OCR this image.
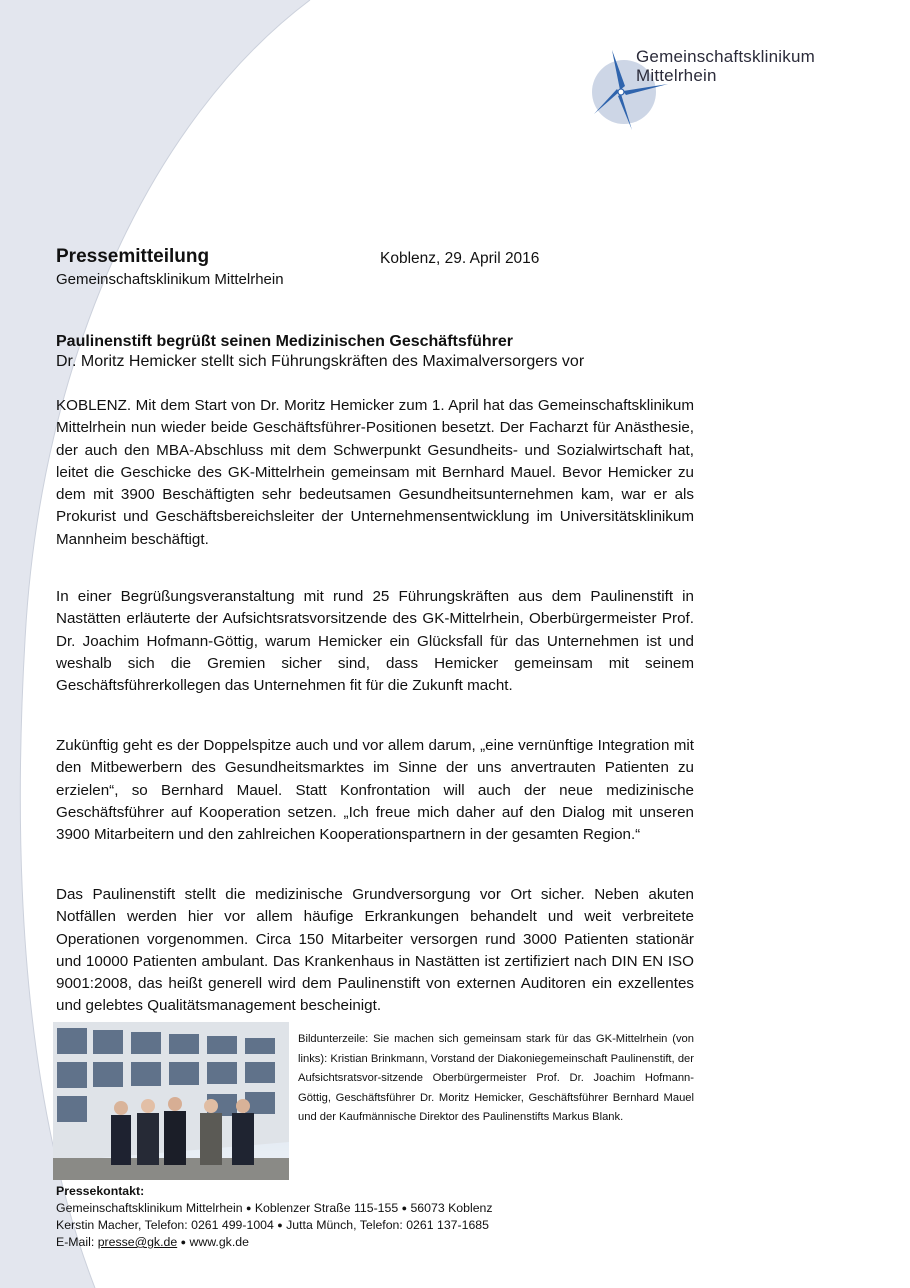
Gemeinschaftsklinikum
Mittelrhein
Pressemitteilung
Gemeinschaftsklinikum Mittelrhein
Koblenz, 29. April 2016
Paulinenstift begrüßt seinen Medizinischen Geschäftsführer
Dr. Moritz Hemicker stellt sich Führungskräften des Maximalversorgers vor
KOBLENZ. Mit dem Start von Dr. Moritz Hemicker zum 1. April hat das Gemeinschaftsklinikum Mittelrhein nun wieder beide Geschäftsführer-Positionen besetzt. Der Facharzt für Anästhesie, der auch den MBA-Abschluss mit dem Schwerpunkt Gesundheits- und Sozialwirtschaft hat, leitet die Geschicke des GK-Mittelrhein gemeinsam mit Bernhard Mauel. Bevor Hemicker zu dem mit 3900 Beschäftigten sehr bedeutsamen Gesundheitsunternehmen kam, war er als Prokurist und Geschäftsbereichsleiter der Unternehmensentwicklung im Universitätsklinikum Mannheim beschäftigt.
In einer Begrüßungsveranstaltung mit rund 25 Führungskräften aus dem Paulinenstift in Nastätten erläuterte der Aufsichtsratsvorsitzende des GK-Mittelrhein, Oberbürgermeister Prof. Dr. Joachim Hofmann-Göttig, warum Hemicker ein Glücksfall für das Unternehmen ist und weshalb sich die Gremien sicher sind, dass Hemicker gemeinsam mit seinem Geschäftsführerkollegen das Unternehmen fit für die Zukunft macht.
Zukünftig geht es der Doppelspitze auch und vor allem darum, „eine vernünftige Integration mit den Mitbewerbern des Gesundheitsmarktes im Sinne der uns anvertrauten Patienten zu erzielen“, so Bernhard Mauel. Statt Konfrontation will auch der neue medizinische Geschäftsführer auf Kooperation setzen. „Ich freue mich daher auf den Dialog mit unseren 3900 Mitarbeitern und den zahlreichen Kooperationspartnern in der gesamten Region.“
Das Paulinenstift stellt die medizinische Grundversorgung vor Ort sicher. Neben akuten Notfällen werden hier vor allem häufige Erkrankungen behandelt und weit verbreitete Operationen vorgenommen. Circa 150 Mitarbeiter versorgen rund 3000 Patienten stationär und 10000 Patienten ambulant. Das Krankenhaus in Nastätten ist zertifiziert nach DIN EN ISO 9001:2008, das heißt generell wird dem Paulinenstift von externen Auditoren ein exzellentes und gelebtes Qualitätsmanagement bescheinigt.
Bildunterzeile: Sie machen sich gemeinsam stark für das GK-Mittelrhein (von links): Kristian Brinkmann, Vorstand der Diakoniegemeinschaft Paulinenstift, der Aufsichtsratsvor-sitzende Oberbürgermeister Prof. Dr. Joachim Hofmann-Göttig, Geschäftsführer Dr. Moritz Hemicker, Geschäftsführer Bernhard Mauel und der Kaufmännische Direktor des Paulinenstifts Markus Blank.
Pressekontakt:
Gemeinschaftsklinikum Mittelrhein ● Koblenzer Straße 115-155 ● 56073 Koblenz
Kerstin Macher, Telefon: 0261 499-1004 ● Jutta Münch, Telefon: 0261 137-1685
E-Mail: presse@gk.de ● www.gk.de
